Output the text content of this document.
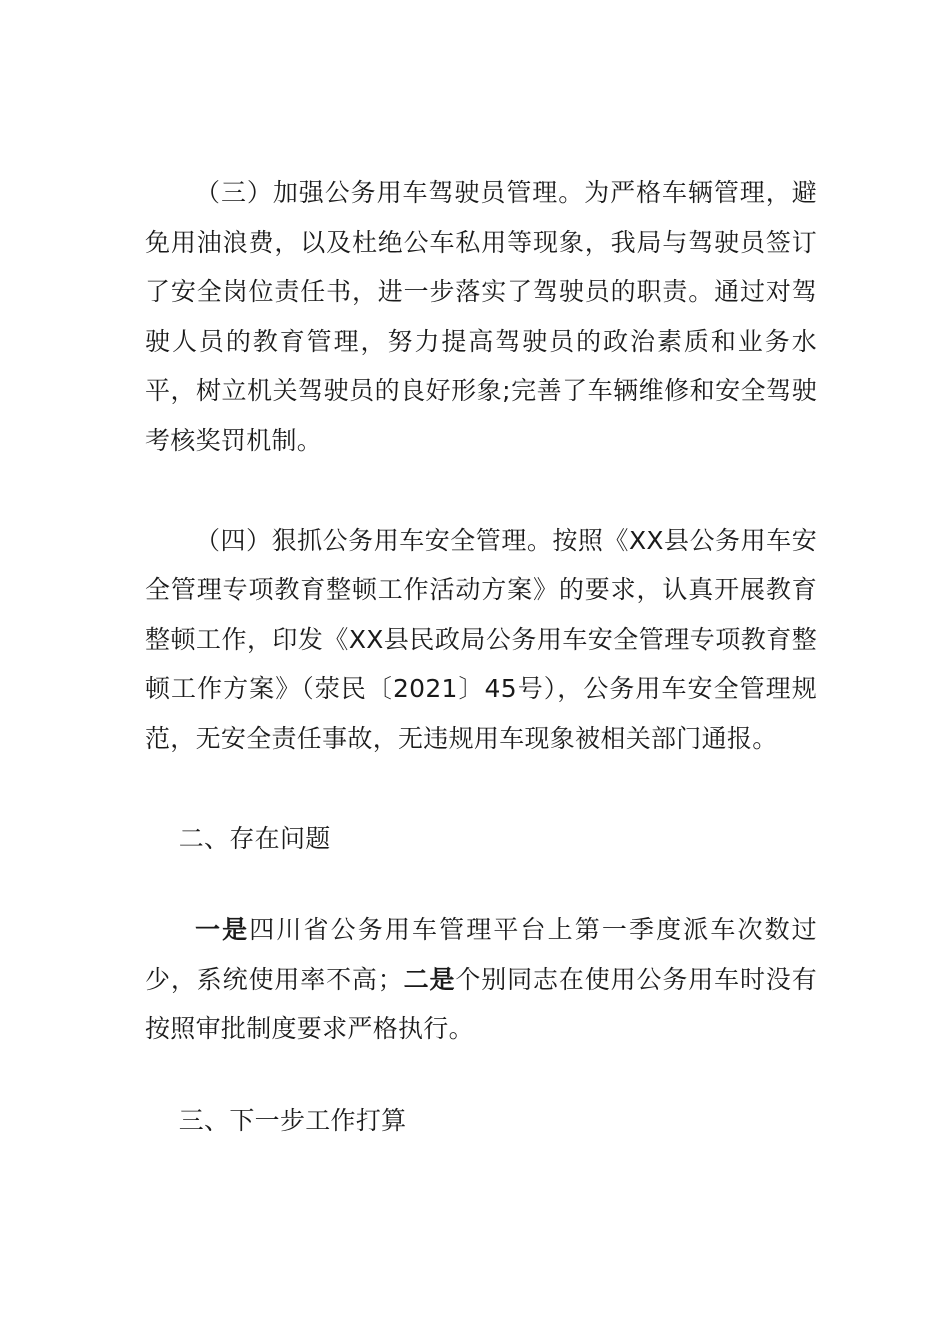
（三）加强公务用车驾驶员管理。为严格车辆管理，避免用油浪费，以及杜绝公车私用等现象，我局与驾驶员签订了安全岗位责任书，进一步落实了驾驶员的职责。通过对驾驶人员的教育管理，努力提高驾驶员的政治素质和业务水平，树立机关驾驶员的良好形象;完善了车辆维修和安全驾驶考核奖罚机制。

（四）狠抓公务用车安全管理。按照《XX县公务用车安全管理专项教育整顿工作活动方案》的要求，认真开展教育整顿工作，印发《XX县民政局公务用车安全管理专项教育整顿工作方案》（荥民〔2021〕45号），公务用车安全管理规范，无安全责任事故，无违规用车现象被相关部门通报。

二、存在问题

一是四川省公务用车管理平台上第一季度派车次数过少，系统使用率不高；二是个别同志在使用公务用车时没有按照审批制度要求严格执行。

三、下一步工作打算
